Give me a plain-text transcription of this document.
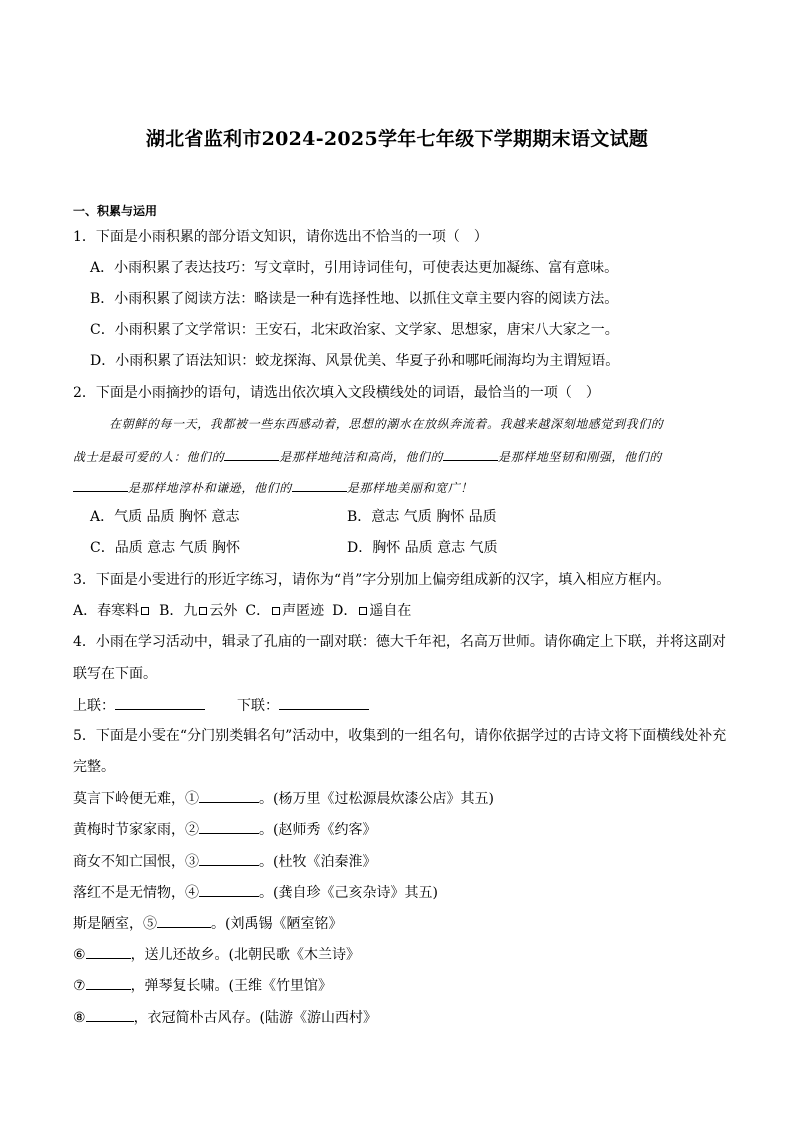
湖北省监利市2024-2025学年七年级下学期期末语文试题
一、积累与运用
1．下面是小雨积累的部分语文知识，请你选出不恰当的一项（　）
A．小雨积累了表达技巧：写文章时，引用诗词佳句，可使表达更加凝练、富有意味。
B．小雨积累了阅读方法：略读是一种有选择性地、以抓住文章主要内容的阅读方法。
C．小雨积累了文学常识：王安石，北宋政治家、文学家、思想家，唐宋八大家之一。
D．小雨积累了语法知识：蛟龙探海、风景优美、华夏子孙和哪吒闹海均为主谓短语。
2．下面是小雨摘抄的语句，请选出依次填入文段横线处的词语，最恰当的一项（　）
在朝鲜的每一天，我都被一些东西感动着，思想的潮水在放纵奔流着。我越来越深刻地感觉到我们的
战士是最可爱的人：他们的	是那样地纯洁和高尚，他们的	是那样地坚韧和刚强，他们的
是那样地淳朴和谦逊，他们的	是那样地美丽和宽广！
A．气质 品质 胸怀 意志	B．意志 气质 胸怀 品质
C．品质 意志 气质 胸怀	D．胸怀 品质 意志 气质
3．下面是小雯进行的形近字练习，请你为“肖”字分别加上偏旁组成新的汉字，填入相应方框内。
A．春寒料 B．九 云外 C． 声匿迹 D． 遥自在
4．小雨在学习活动中，辑录了孔庙的一副对联：德大千年祀，名高万世师。请你确定上下联，并将这副对
联写在下面。
上联：	下联：
5．下面是小雯在“分门别类辑名句”活动中，收集到的一组名句，请你依据学过的古诗文将下面横线处补充
完整。
莫言下岭便无难，①	。(杨万里《过松源晨炊漆公店》其五)
黄梅时节家家雨，②	。(赵师秀《约客》
商女不知亡国恨，③	。(杜牧《泊秦淮》
落红不是无情物，④	。(龚自珍《己亥杂诗》其五)
斯是陋室，⑤	。(刘禹锡《陋室铭》
⑥	，送儿还故乡。(北朝民歌《木兰诗》
⑦	，弹琴复长啸。(王维《竹里馆》
⑧	，衣冠简朴古风存。(陆游《游山西村》
